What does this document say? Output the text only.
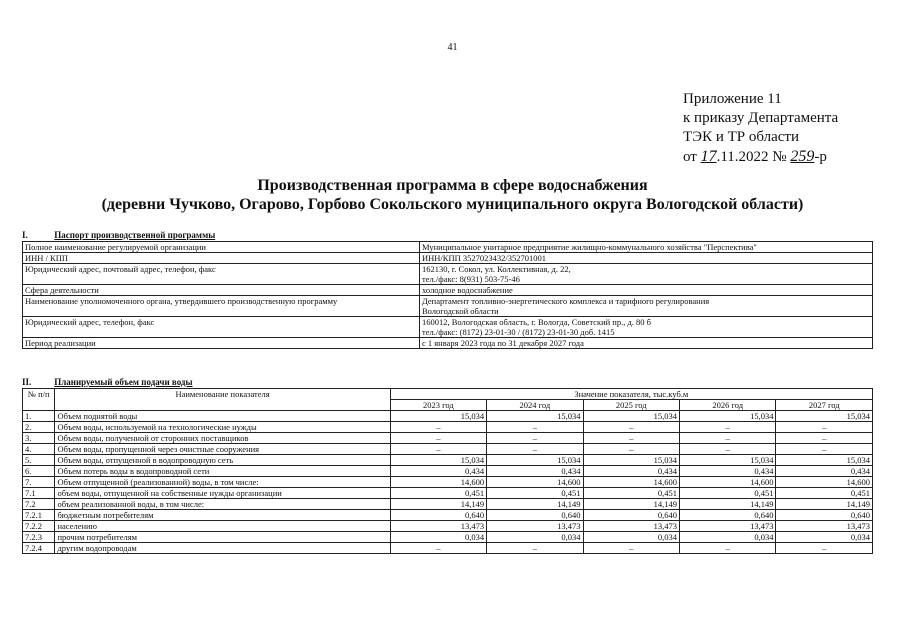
41
Приложение 11
к приказу Департамента
ТЭК и ТР области
от 17.11.2022 № 259-р
Производственная программа в сфере водоснабжения
(деревни Чучково, Огарово, Горбово Сокольского муниципального округа Вологодской области)
I.	Паспорт производственной программы
Полное наименование регулируемой организации	Муниципальное унитарное предприятие жилищно-коммунального хозяйства "Перспектива"

ИНН / КПП	ИНН/КПП 3527023432/352701001

Юридический адрес, почтовый адрес, телефон, факс	162130, г. Сокол, ул. Коллективная, д. 22,
тел./факс: 8(931) 503-75-46

Сфера деятельности	холодное водоснабжение

Наименование уполномоченного органа, утвердившего производственную программу	Департамент топливно-энергетического комплекса и тарифного регулирования
Вологодской области

Юридический адрес, телефон, факс	160012, Вологодская область, г. Вологда, Советский пр., д. 80 б
тел./факс: (8172) 23-01-30 / (8172) 23-01-30 доб. 1415

Период реализации	с 1 января 2023 года по 31 декабря 2027 года
II.	Планируемый объем подачи воды
№ п/п	Наименование показателя	Значение показателя, тыс.куб.м				
		2023 год	2024 год	2025 год	2026 год	2027 год
1.	Объем поднятой воды	15,034	15,034	15,034	15,034	15,034
2.	Объем воды, используемой на технологические нужды	–	–	–	–	–
3.	Объем воды, полученной от сторонних поставщиков	–	–	–	–	–
4.	Объем воды, пропущенной через очистные сооружения	–	–	–	–	–
5.	Объем воды, отпущенной в водопроводную сеть	15,034	15,034	15,034	15,034	15,034
6.	Объем потерь воды в водопроводной сети	0,434	0,434	0,434	0,434	0,434
7.	Объем отпущенной (реализованной) воды, в том числе:	14,600	14,600	14,600	14,600	14,600
7.1	объем воды, отпущенной на собственные нужды организации	0,451	0,451	0,451	0,451	0,451
7.2	объем реализованной воды, в том числе:	14,149	14,149	14,149	14,149	14,149
7.2.1	бюджетным потребителям	0,640	0,640	0,640	0,640	0,640
7.2.2	населению	13,473	13,473	13,473	13,473	13,473
7.2.3	прочим потребителям	0,034	0,034	0,034	0,034	0,034
7.2.4	другим водопроводам	–	–	–	–	–
